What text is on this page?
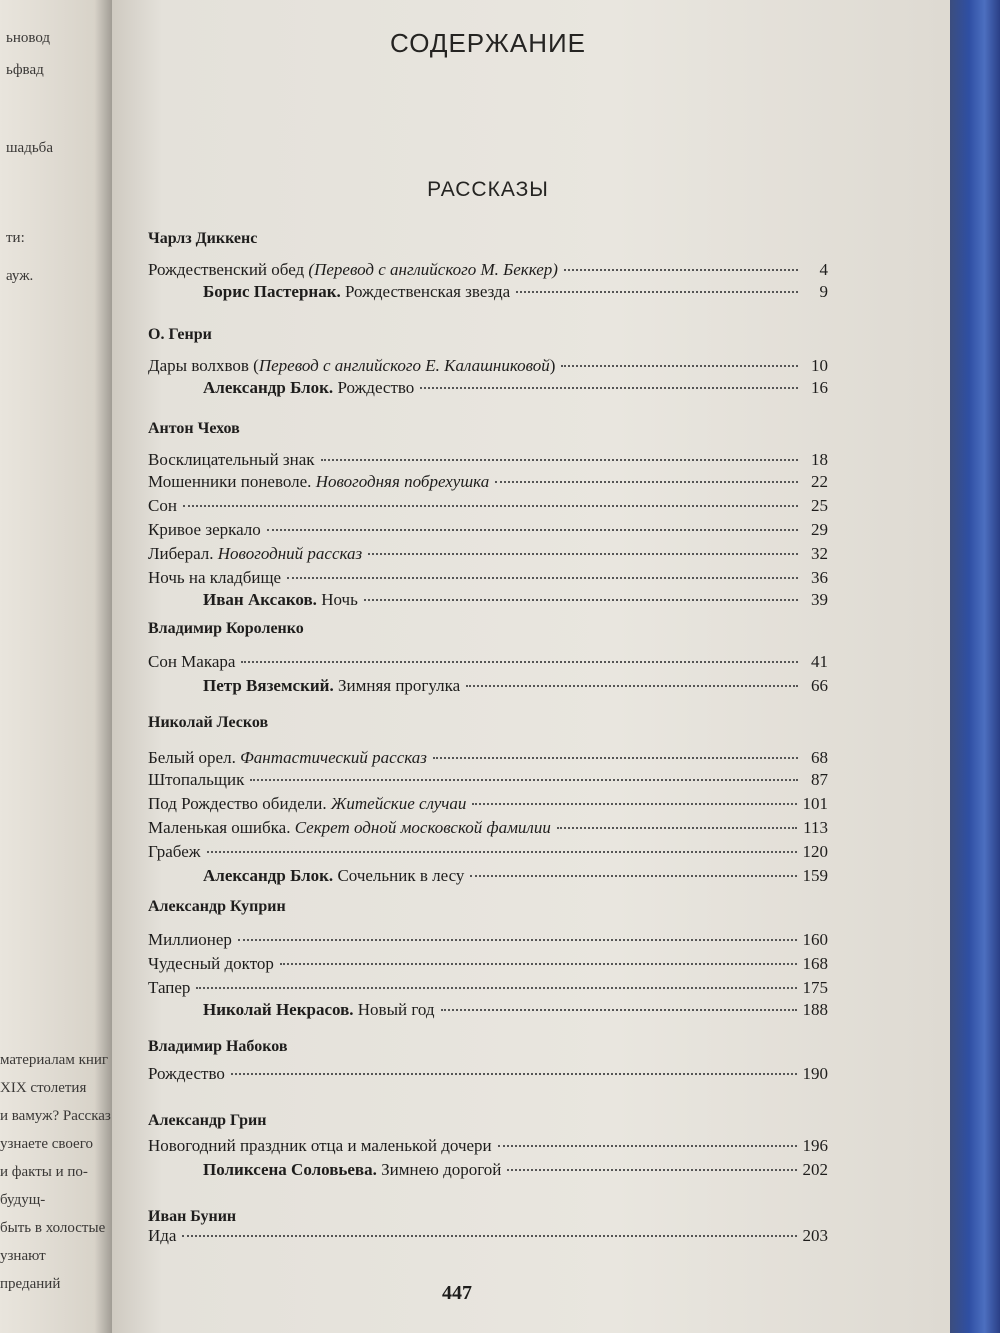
ьновод
ьфвад
шадьба
ти:
ауж.
материалам книг
XIX столетия
и вамуж? Рассказ
узнаете своего
и факты и по-
будущ-
быть в холостые
узнают
преданий
СОДЕРЖАНИЕ
РАССКАЗЫ
Чарлз Диккенс
Рождественский обед (Перевод с английского М. Беккер)	4
Борис Пастернак. Рождественская звезда	9
О. Генри
Дары волхвов (Перевод с английского Е. Калашниковой)	10
Александр Блок. Рождество	16
Антон Чехов
Восклицательный знак	18
Мошенники поневоле. Новогодняя побрехушка	22
Сон	25
Кривое зеркало	29
Либерал. Новогодний рассказ	32
Ночь на кладбище	36
Иван Аксаков. Ночь	39
Владимир Короленко
Сон Макара	41
Петр Вяземский. Зимняя прогулка	66
Николай Лесков
Белый орел. Фантастический рассказ	68
Штопальщик	87
Под Рождество обидели. Житейские случаи	101
Маленькая ошибка. Секрет одной московской фамилии	113
Грабеж	120
Александр Блок. Сочельник в лесу	159
Александр Куприн
Миллионер	160
Чудесный доктор	168
Тапер	175
Николай Некрасов. Новый год	188
Владимир Набоков
Рождество	190
Александр Грин
Новогодний праздник отца и маленькой дочери	196
Поликсена Соловьева. Зимнею дорогой	202
Иван Бунин
Ида	203
447
